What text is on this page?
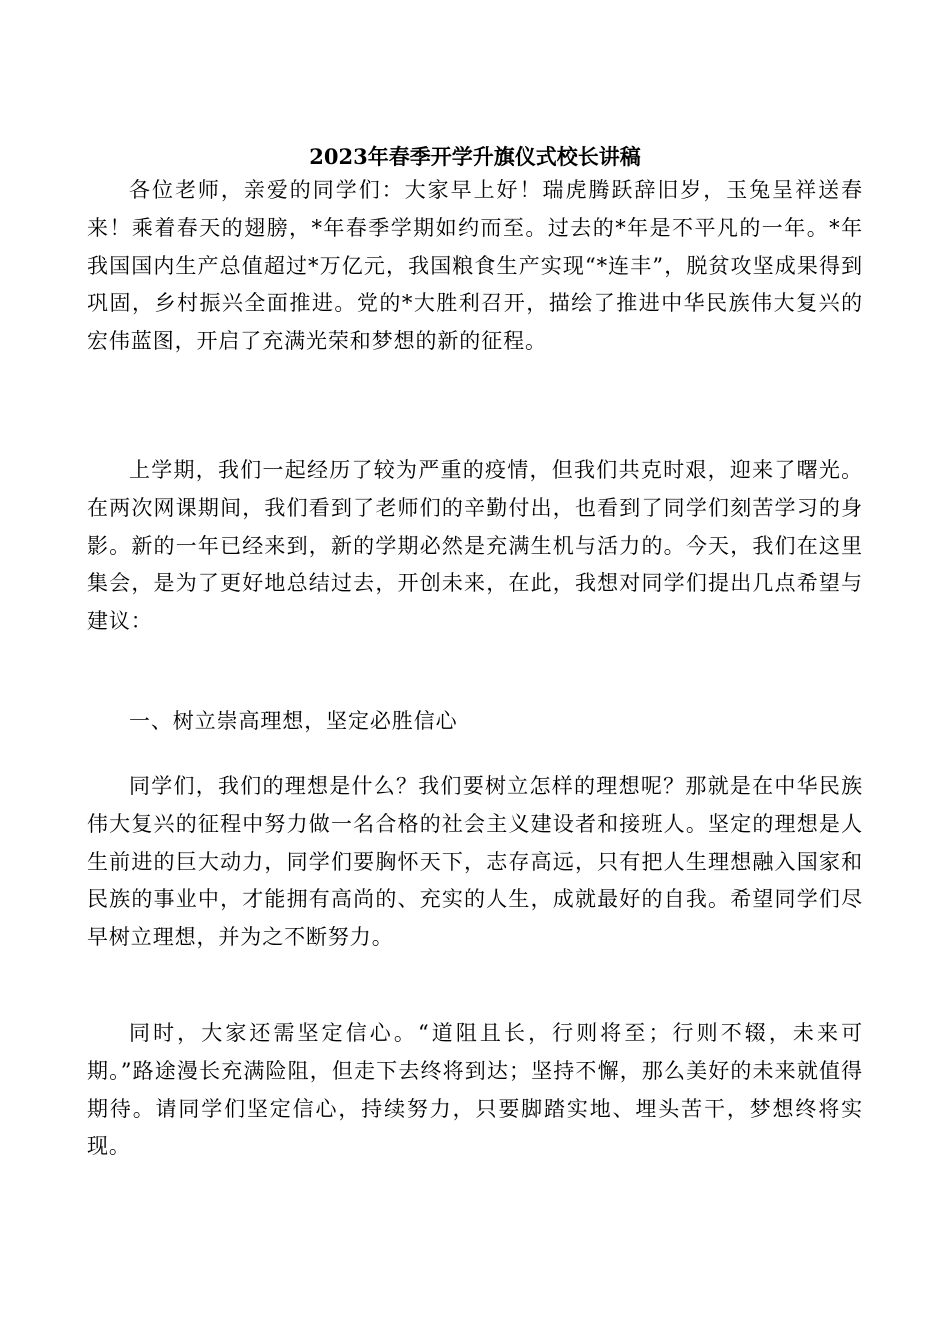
2023年春季开学升旗仪式校长讲稿

各位老师，亲爱的同学们：大家早上好！瑞虎腾跃辞旧岁，玉兔呈祥送春来！乘着春天的翅膀，*年春季学期如约而至。过去的*年是不平凡的一年。*年我国国内生产总值超过*万亿元，我国粮食生产实现“*连丰”，脱贫攻坚成果得到巩固，乡村振兴全面推进。党的*大胜利召开，描绘了推进中华民族伟大复兴的宏伟蓝图，开启了充满光荣和梦想的新的征程。

上学期，我们一起经历了较为严重的疫情，但我们共克时艰，迎来了曙光。在两次网课期间，我们看到了老师们的辛勤付出，也看到了同学们刻苦学习的身影。新的一年已经来到，新的学期必然是充满生机与活力的。今天，我们在这里集会，是为了更好地总结过去，开创未来，在此，我想对同学们提出几点希望与建议：

一、树立崇高理想，坚定必胜信心

同学们，我们的理想是什么？我们要树立怎样的理想呢？那就是在中华民族伟大复兴的征程中努力做一名合格的社会主义建设者和接班人。坚定的理想是人生前进的巨大动力，同学们要胸怀天下，志存高远，只有把人生理想融入国家和民族的事业中，才能拥有高尚的、充实的人生，成就最好的自我。希望同学们尽早树立理想，并为之不断努力。

同时，大家还需坚定信心。“道阻且长，行则将至；行则不辍，未来可期。”路途漫长充满险阻，但走下去终将到达；坚持不懈，那么美好的未来就值得期待。请同学们坚定信心，持续努力，只要脚踏实地、埋头苦干，梦想终将实现。
